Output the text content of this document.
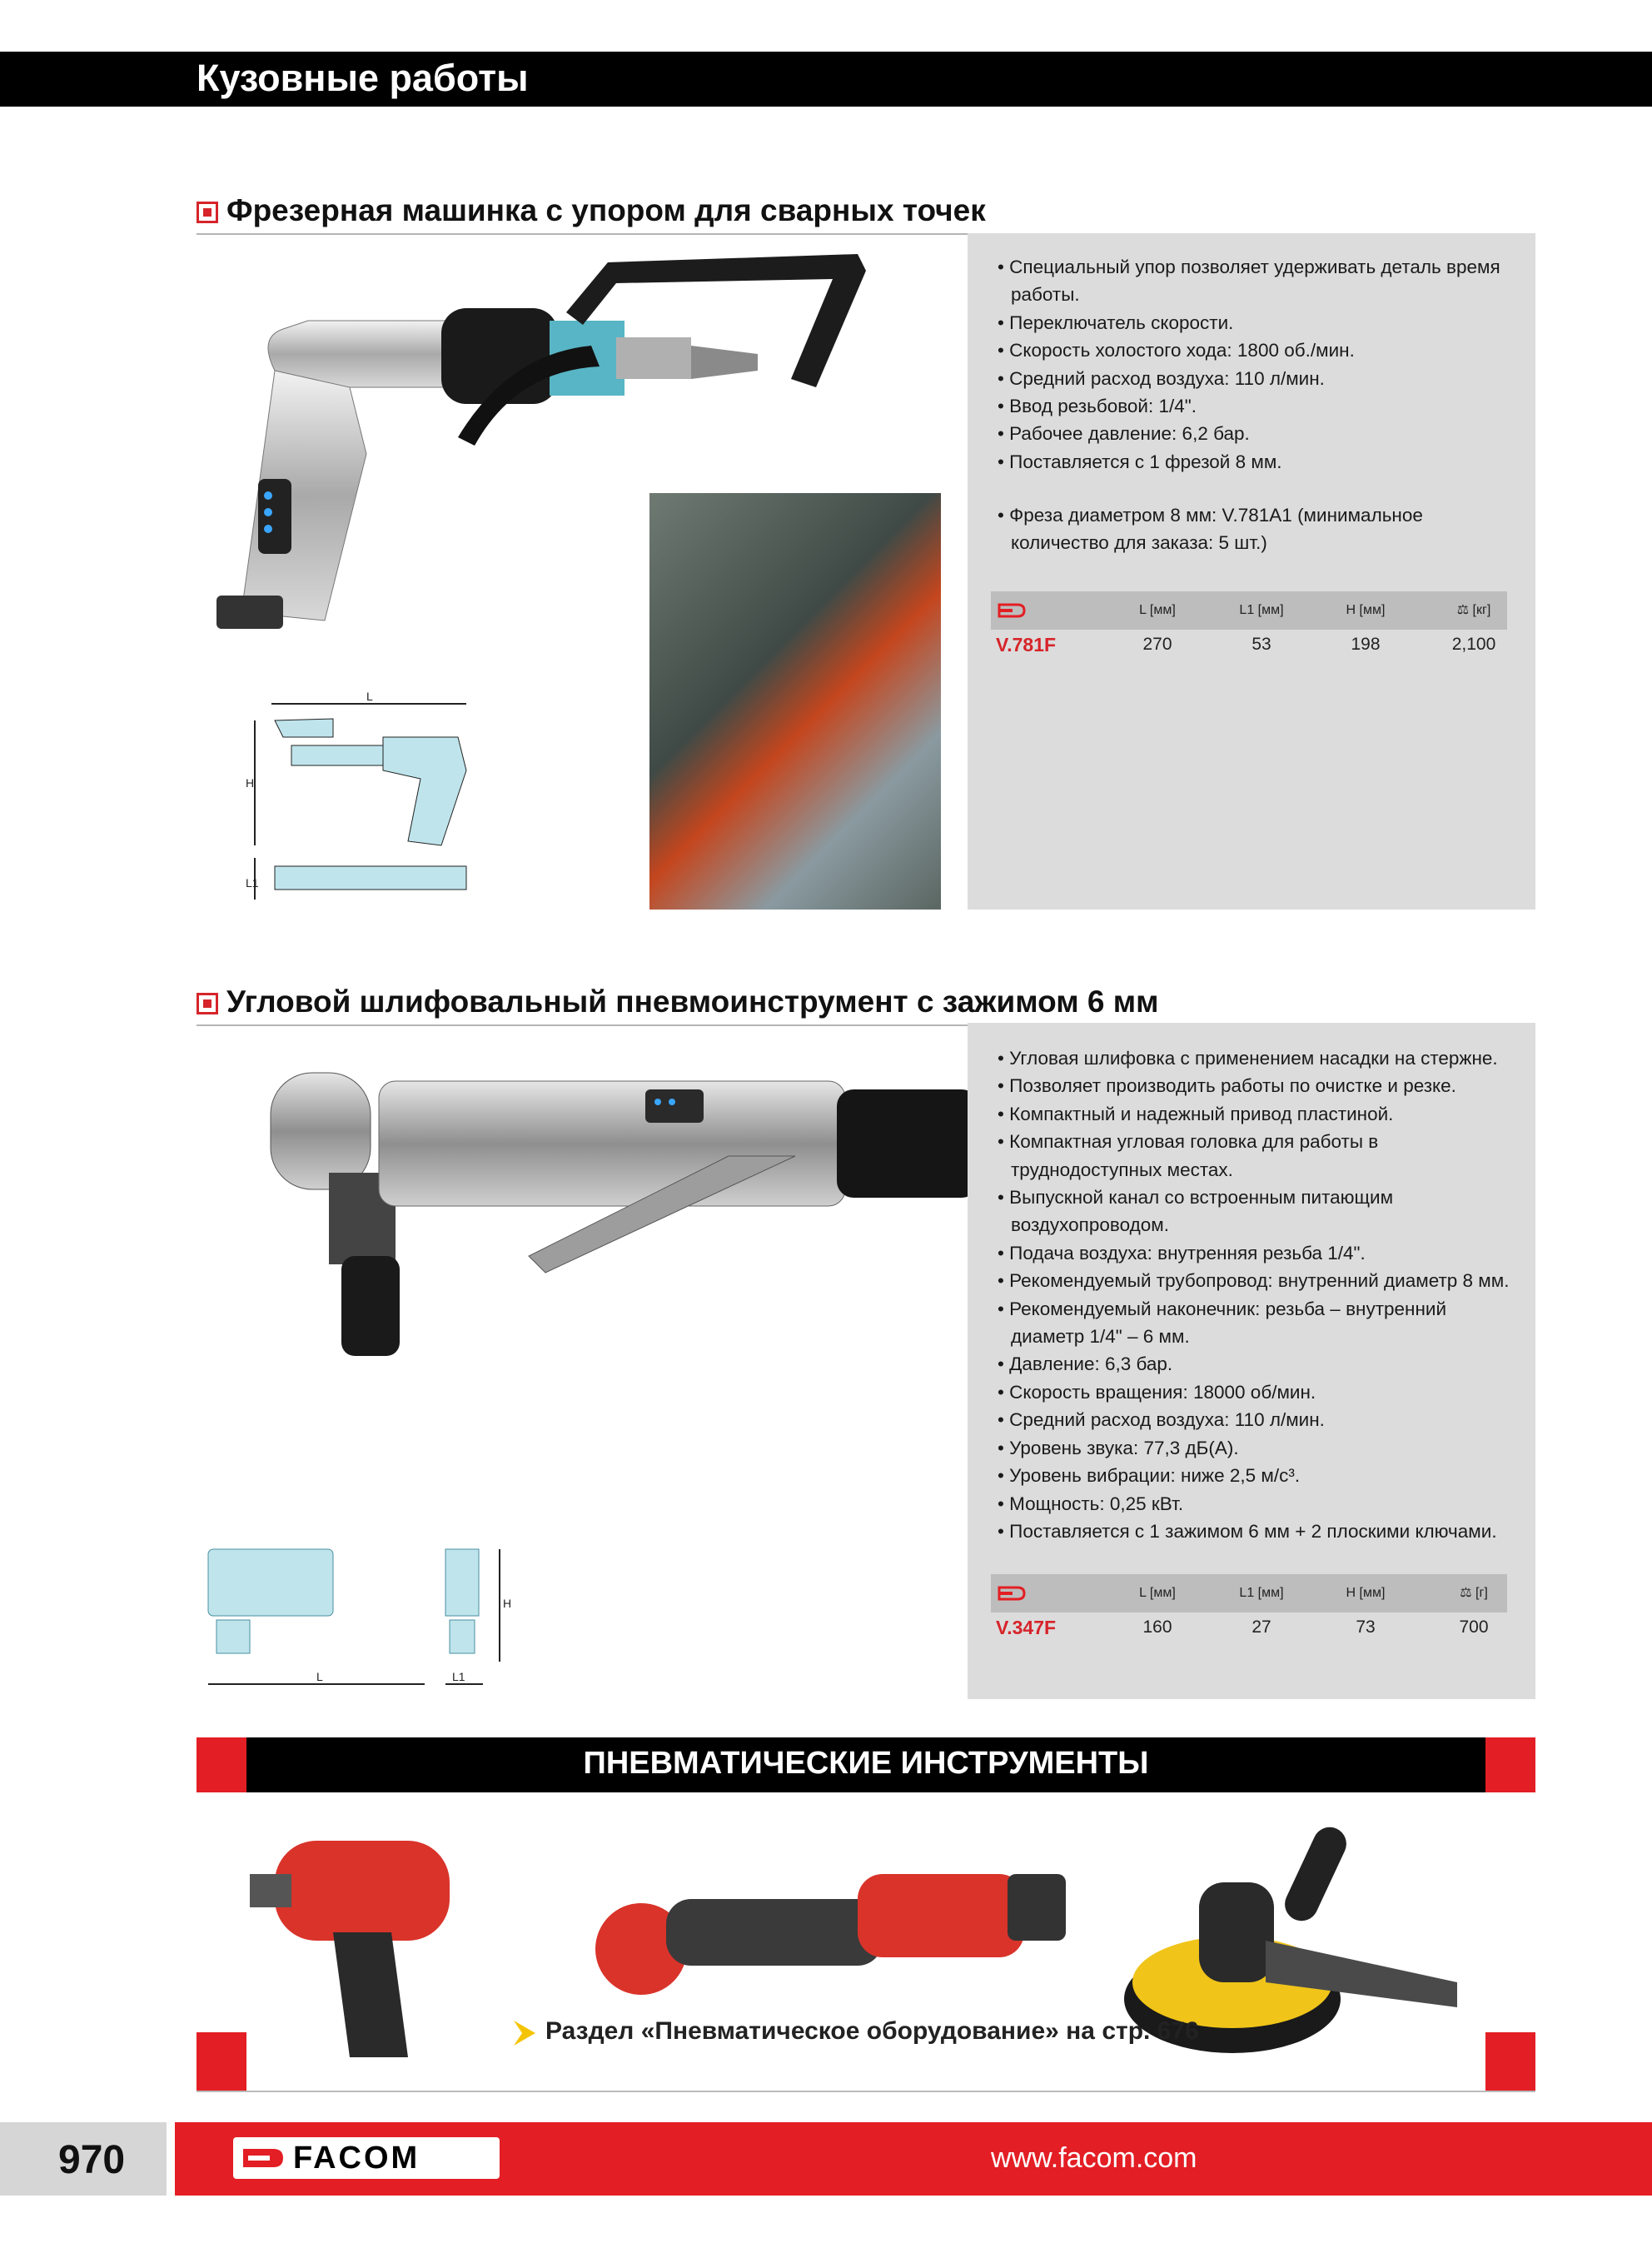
Кузовные работы
Фрезерная машинка с упором для сварных точек
L
H
L1
• Специальный упор позволяет удерживать деталь время работы.
• Переключатель скорости.
• Скорость холостого хода: 1800 об./мин.
• Средний расход воздуха: 110 л/мин.
• Ввод резьбовой: 1/4".
• Рабочее давление: 6,2 бар.
• Поставляется с 1 фрезой 8 мм.
• Фреза диаметром 8 мм: V.781A1 (минимальное количество для заказа: 5 шт.)
L [мм]	L1 [мм]	H [мм]	⚖ [кг]
V.781F	270	53	198	2,100
Угловой шлифовальный пневмоинструмент с зажимом 6 мм
L
H
L1
• Угловая шлифовка с применением насадки на стержне.
• Позволяет производить работы по очистке и резке.
• Компактный и надежный привод пластиной.
• Компактная угловая головка для работы в труднодоступных местах.
• Выпускной канал со встроенным питающим воздухопроводом.
• Подача воздуха: внутренняя резьба 1/4".
• Рекомендуемый трубопровод: внутренний диаметр 8 мм.
• Рекомендуемый наконечник: резьба – внутренний диаметр 1/4" – 6 мм.
• Давление: 6,3 бар.
• Скорость вращения: 18000 об/мин.
• Средний расход воздуха: 110 л/мин.
• Уровень звука: 77,3 дБ(А).
• Уровень вибрации: ниже 2,5 м/с³.
• Мощность: 0,25 кВт.
• Поставляется с 1 зажимом 6 мм + 2 плоскими ключами.
L [мм]	L1 [мм]	H [мм]	⚖ [г]
V.347F	160	27	73	700
ПНЕВМАТИЧЕСКИЕ ИНСТРУМЕНТЫ
Раздел «Пневматическое оборудование» на стр. 676
970	FACOM	www.facom.com
